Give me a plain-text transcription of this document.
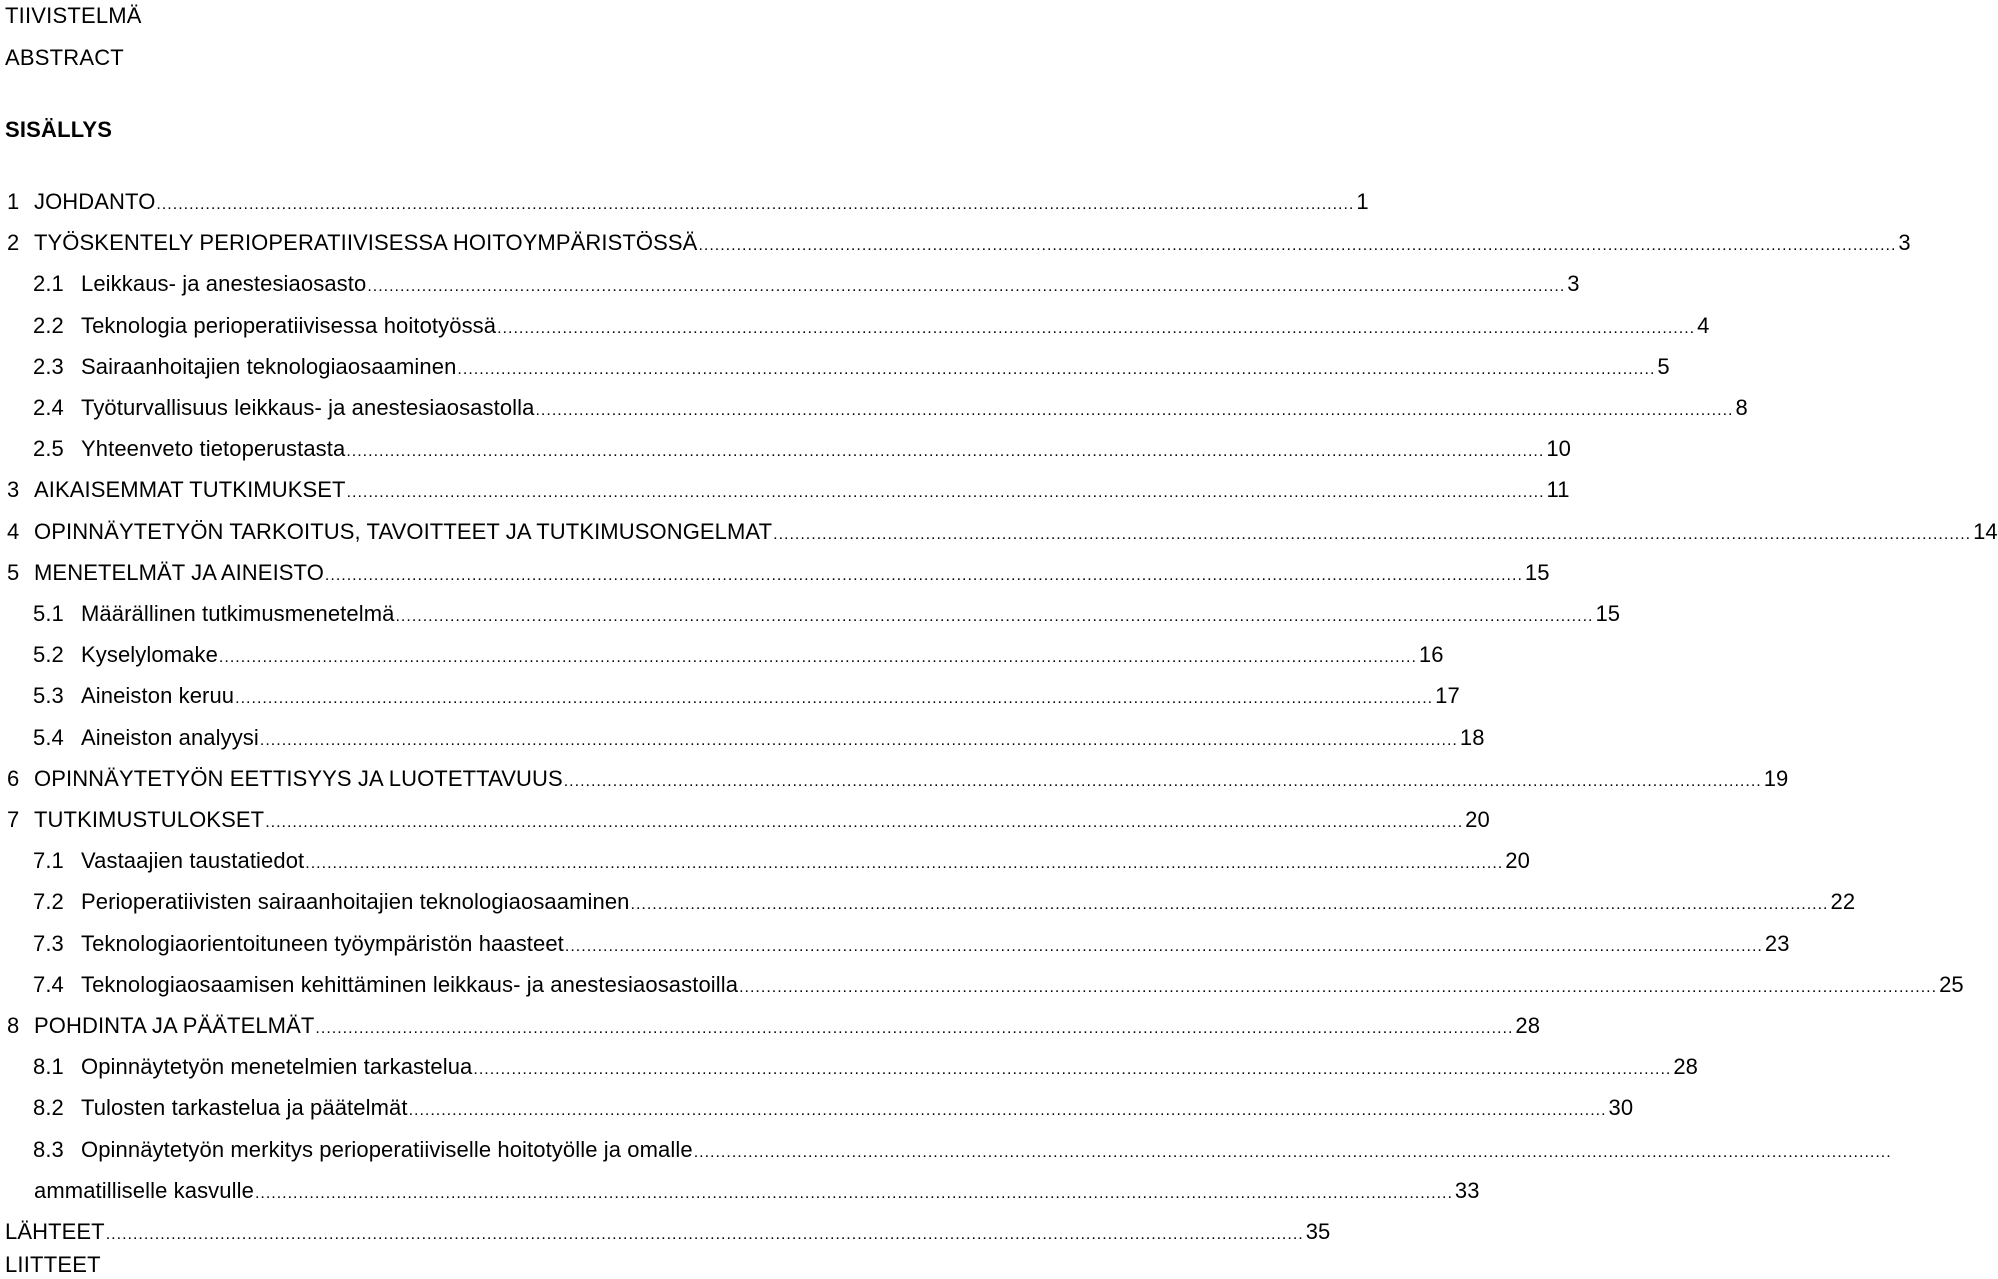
TIIVISTELMÄ
ABSTRACT
SISÄLLYS
1 JOHDANTO ............................................................................................................................................................................................................................ 1
2 TYÖSKENTELY PERIOPERATIIVISESSA HOITOYMPÄRISTÖSSÄ ............................................................................................................................................................................................................................ 3
2.1 Leikkaus- ja anestesiaosasto ............................................................................................................................................................................................................................ 3
2.2 Teknologia perioperatiivisessa hoitotyössä ............................................................................................................................................................................................................................ 4
2.3 Sairaanhoitajien teknologiaosaaminen ............................................................................................................................................................................................................................ 5
2.4 Työturvallisuus leikkaus- ja anestesiaosastolla ............................................................................................................................................................................................................................ 8
2.5 Yhteenveto tietoperustasta ............................................................................................................................................................................................................................ 10
3 AIKAISEMMAT TUTKIMUKSET ............................................................................................................................................................................................................................ 11
4 OPINNÄYTETYÖN TARKOITUS, TAVOITTEET JA TUTKIMUSONGELMAT ............................................................................................................................................................................................................................ 14
5 MENETELMÄT JA AINEISTO ............................................................................................................................................................................................................................ 15
5.1 Määrällinen tutkimusmenetelmä ............................................................................................................................................................................................................................ 15
5.2 Kyselylomake ............................................................................................................................................................................................................................ 16
5.3 Aineiston keruu ............................................................................................................................................................................................................................ 17
5.4 Aineiston analyysi ............................................................................................................................................................................................................................ 18
6 OPINNÄYTETYÖN EETTISYYS JA LUOTETTAVUUS ............................................................................................................................................................................................................................ 19
7 TUTKIMUSTULOKSET ............................................................................................................................................................................................................................ 20
7.1 Vastaajien taustatiedot ............................................................................................................................................................................................................................ 20
7.2 Perioperatiivisten sairaanhoitajien teknologiaosaaminen ............................................................................................................................................................................................................................ 22
7.3 Teknologiaorientoituneen työympäristön haasteet ............................................................................................................................................................................................................................ 23
7.4 Teknologiaosaamisen kehittäminen leikkaus- ja anestesiaosastoilla ............................................................................................................................................................................................................................ 25
8 POHDINTA JA PÄÄTELMÄT ............................................................................................................................................................................................................................ 28
8.1 Opinnäytetyön menetelmien tarkastelua ............................................................................................................................................................................................................................ 28
8.2 Tulosten tarkastelua ja päätelmät ............................................................................................................................................................................................................................ 30
8.3 Opinnäytetyön merkitys perioperatiiviselle hoitotyölle ja omalle ............................................................................................................................................................................................................................
ammatilliselle kasvulle ............................................................................................................................................................................................................................ 33
LÄHTEET ............................................................................................................................................................................................................................ 35
LIITTEET
